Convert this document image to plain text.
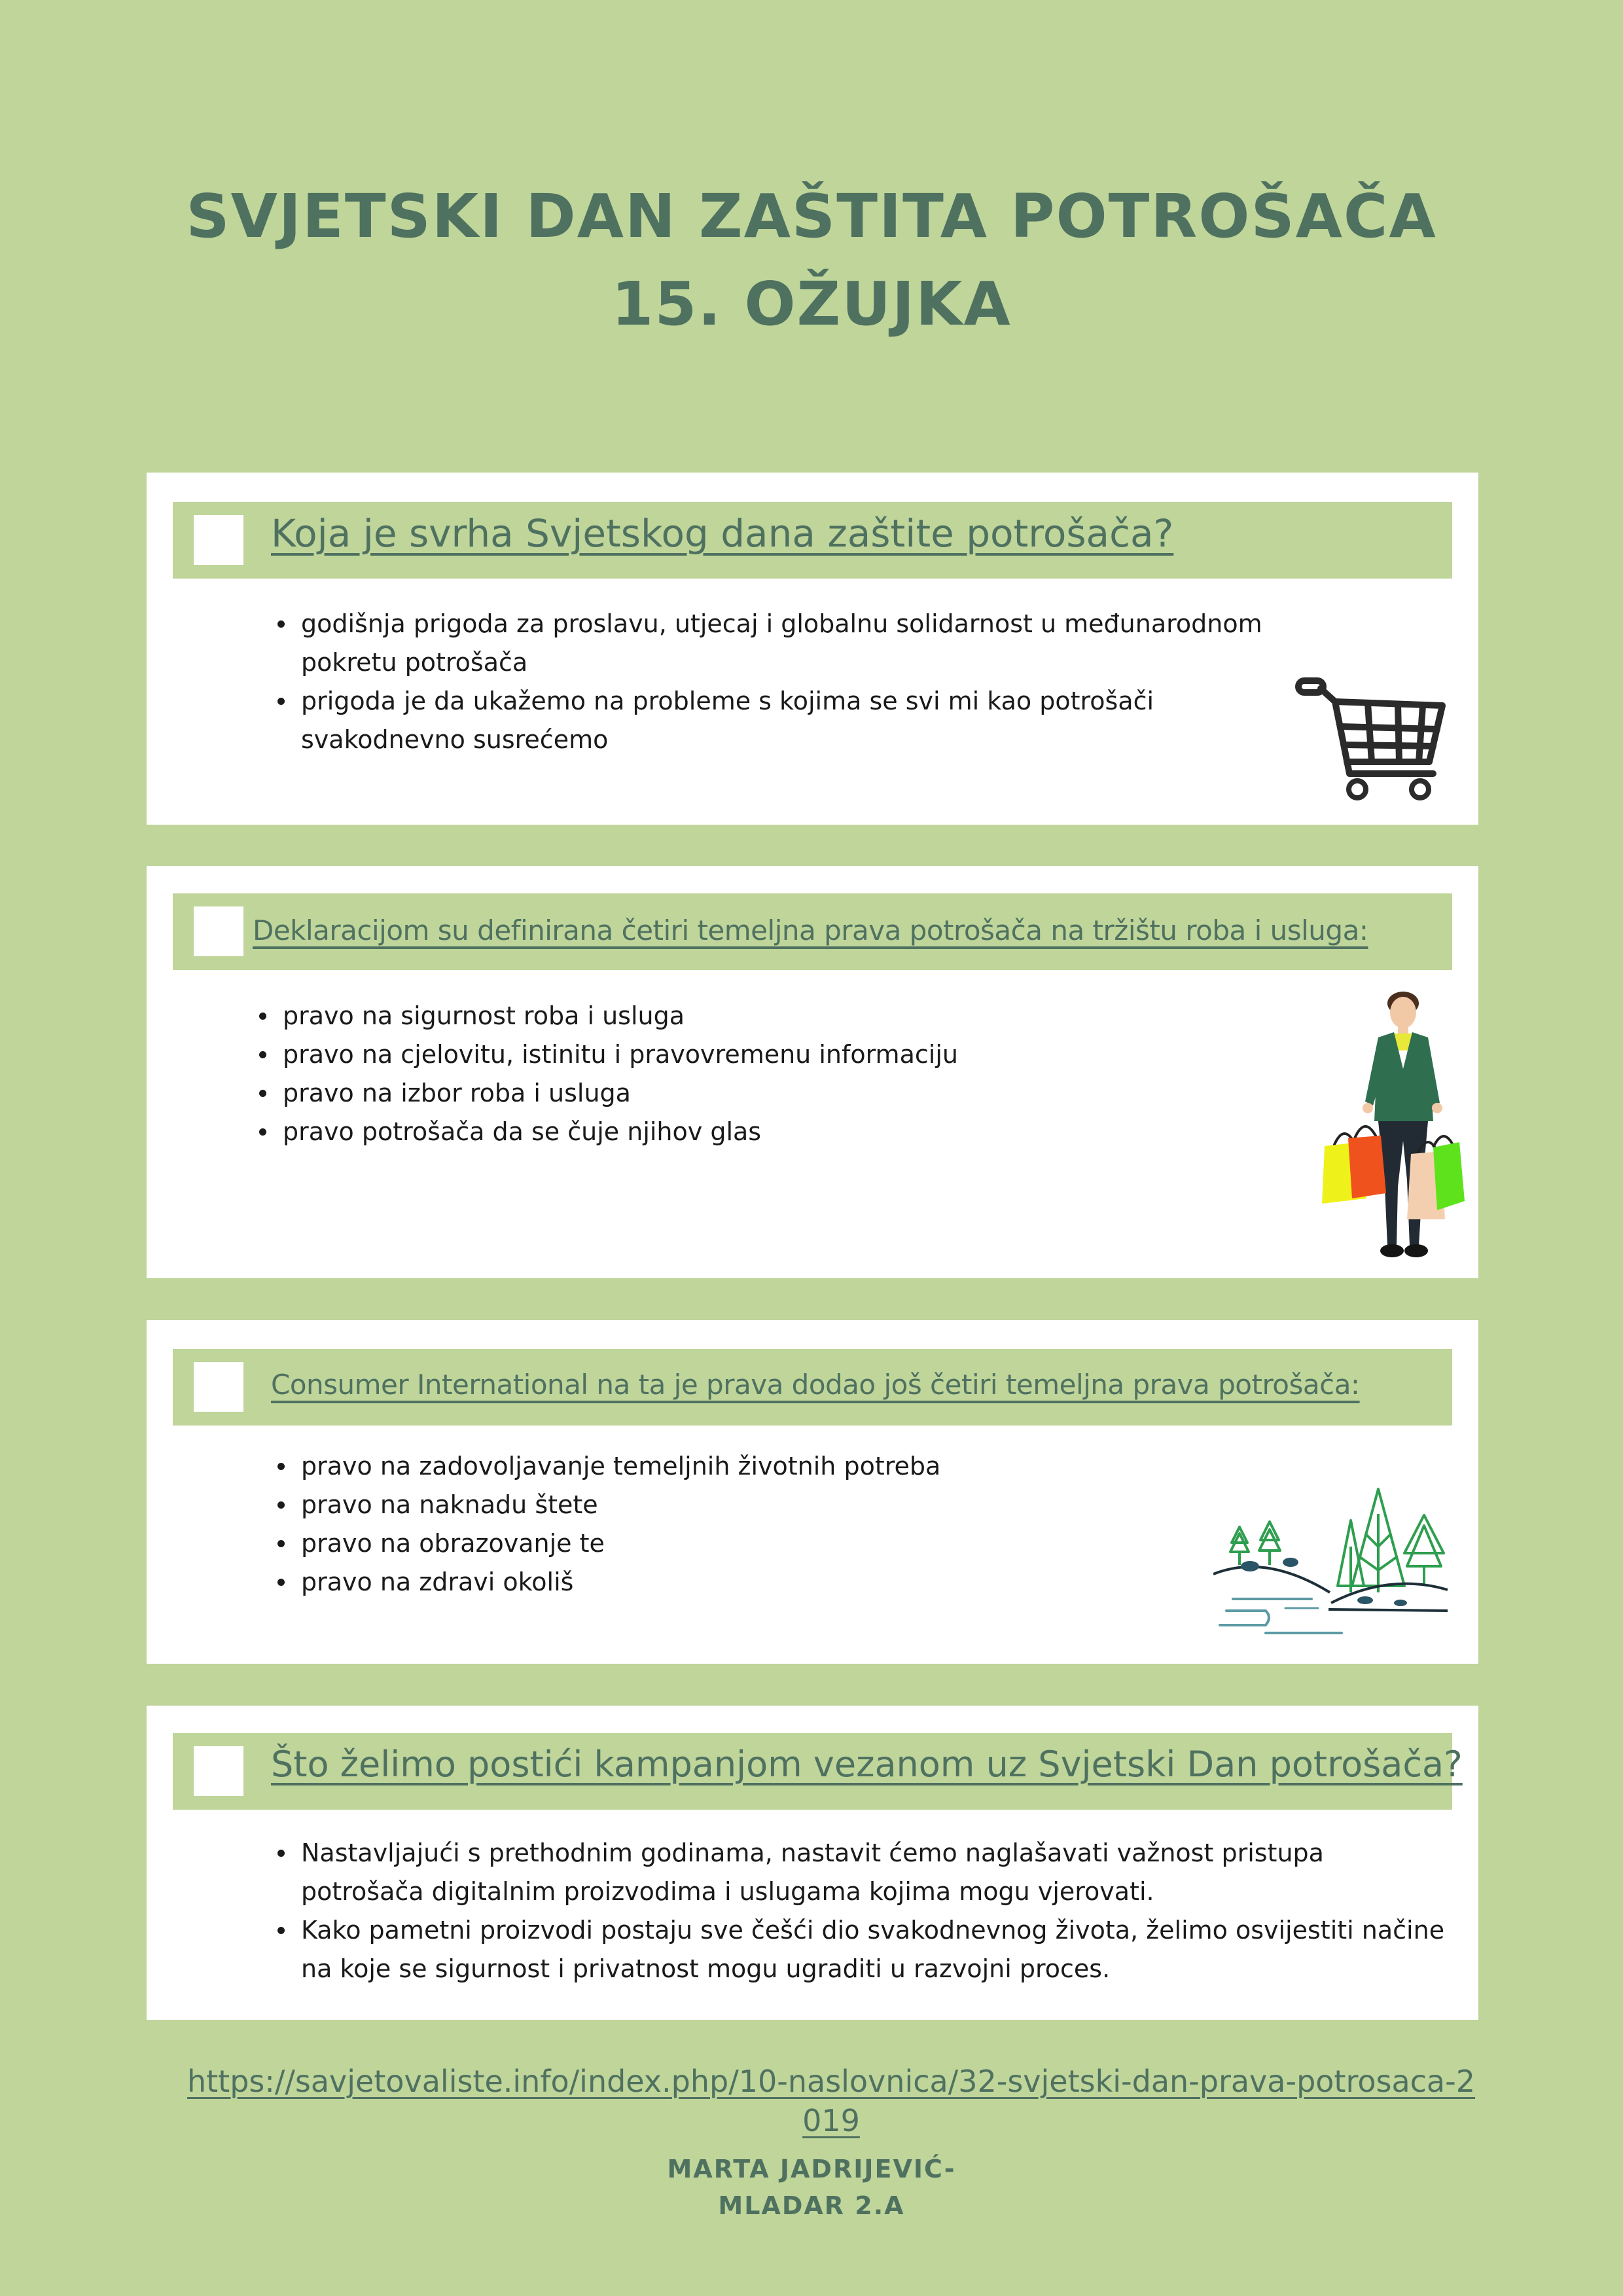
SVJETSKI DAN ZAŠTITA POTROŠAČA
15. OŽUJKA
Koja je svrha Svjetskog dana zaštite potrošača?
godišnja prigoda za proslavu, utjecaj i globalnu solidarnost u međunarodnom pokretu potrošača
prigoda je da ukažemo na probleme s kojima se svi mi kao potrošači svakodnevno susrećemo
Deklaracijom su definirana četiri temeljna prava potrošača na tržištu roba i usluga:
pravo na sigurnost roba i usluga
pravo na cjelovitu, istinitu i pravovremenu informaciju
pravo na izbor roba i usluga
pravo potrošača da se čuje njihov glas
Consumer International na ta je prava dodao još četiri temeljna prava potrošača:
pravo na zadovoljavanje temeljnih životnih potreba
pravo na naknadu štete
pravo na obrazovanje te
pravo na zdravi okoliš
Što želimo postići kampanjom vezanom uz Svjetski Dan potrošača?
Nastavljajući s prethodnim godinama, nastavit ćemo naglašavati važnost pristupa potrošača digitalnim proizvodima i uslugama kojima mogu vjerovati.
Kako pametni proizvodi postaju sve češći dio svakodnevnog života, želimo osvijestiti načine na koje se sigurnost i privatnost mogu ugraditi u razvojni proces.
https://savjetovaliste.info/index.php/10-naslovnica/32-svjetski-dan-prava-potrosaca-2019
MARTA JADRIJEVIĆ-
MLADAR 2.A
